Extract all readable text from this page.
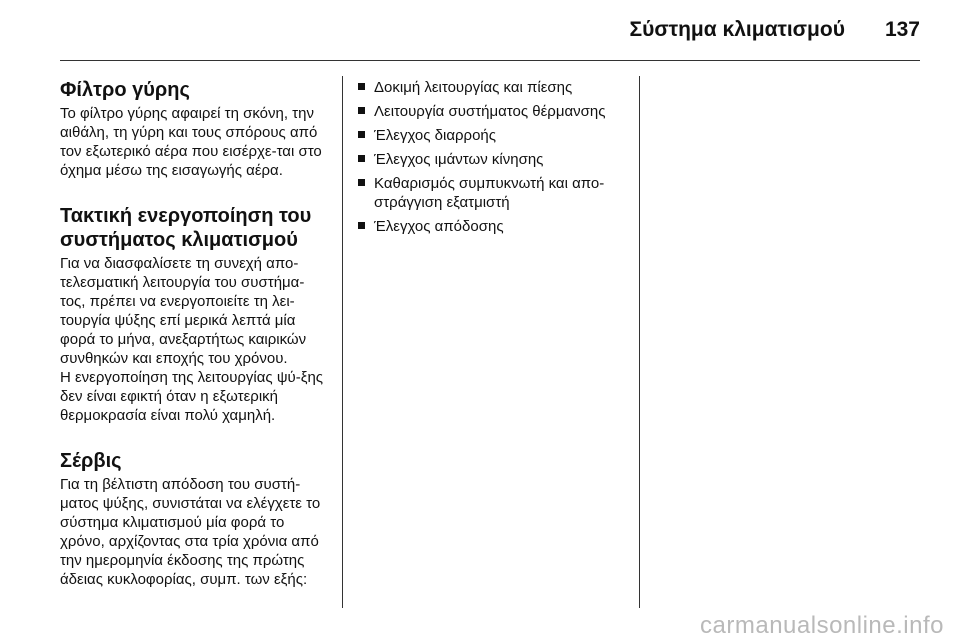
Σύστημα κλιματισμού 137
Φίλτρο γύρης

Το φίλτρο γύρης αφαιρεί τη σκόνη, την αιθάλη, τη γύρη και τους σπόρους από τον εξωτερικό αέρα που εισέρχε-ται στο όχημα μέσω της εισαγωγής αέρα.

Τακτική ενεργοποίηση του συστήματος κλιματισμού

Για να διασφαλίσετε τη συνεχή απο-τελεσματική λειτουργία του συστήμα-τος, πρέπει να ενεργοποιείτε τη λει-τουργία ψύξης επί μερικά λεπτά μία φορά το μήνα, ανεξαρτήτως καιρικών συνθηκών και εποχής του χρόνου.

Η ενεργοποίηση της λειτουργίας ψύ-ξης δεν είναι εφικτή όταν η εξωτερική θερμοκρασία είναι πολύ χαμηλή.

Σέρβις

Για τη βέλτιστη απόδοση του συστή-ματος ψύξης, συνιστάται να ελέγχετε το σύστημα κλιματισμού μία φορά το χρόνο, αρχίζοντας στα τρία χρόνια από την ημερομηνία έκδοσης της πρώτης άδειας κυκλοφορίας, συμπ. των εξής:

Δοκιμή λειτουργίας και πίεσης
Λειτουργία συστήματος θέρμανσης
Έλεγχος διαρροής
Έλεγχος ιμάντων κίνησης
Καθαρισμός συμπυκνωτή και απο-στράγγιση εξατμιστή
Έλεγχος απόδοσης
carmanualsonline.info
